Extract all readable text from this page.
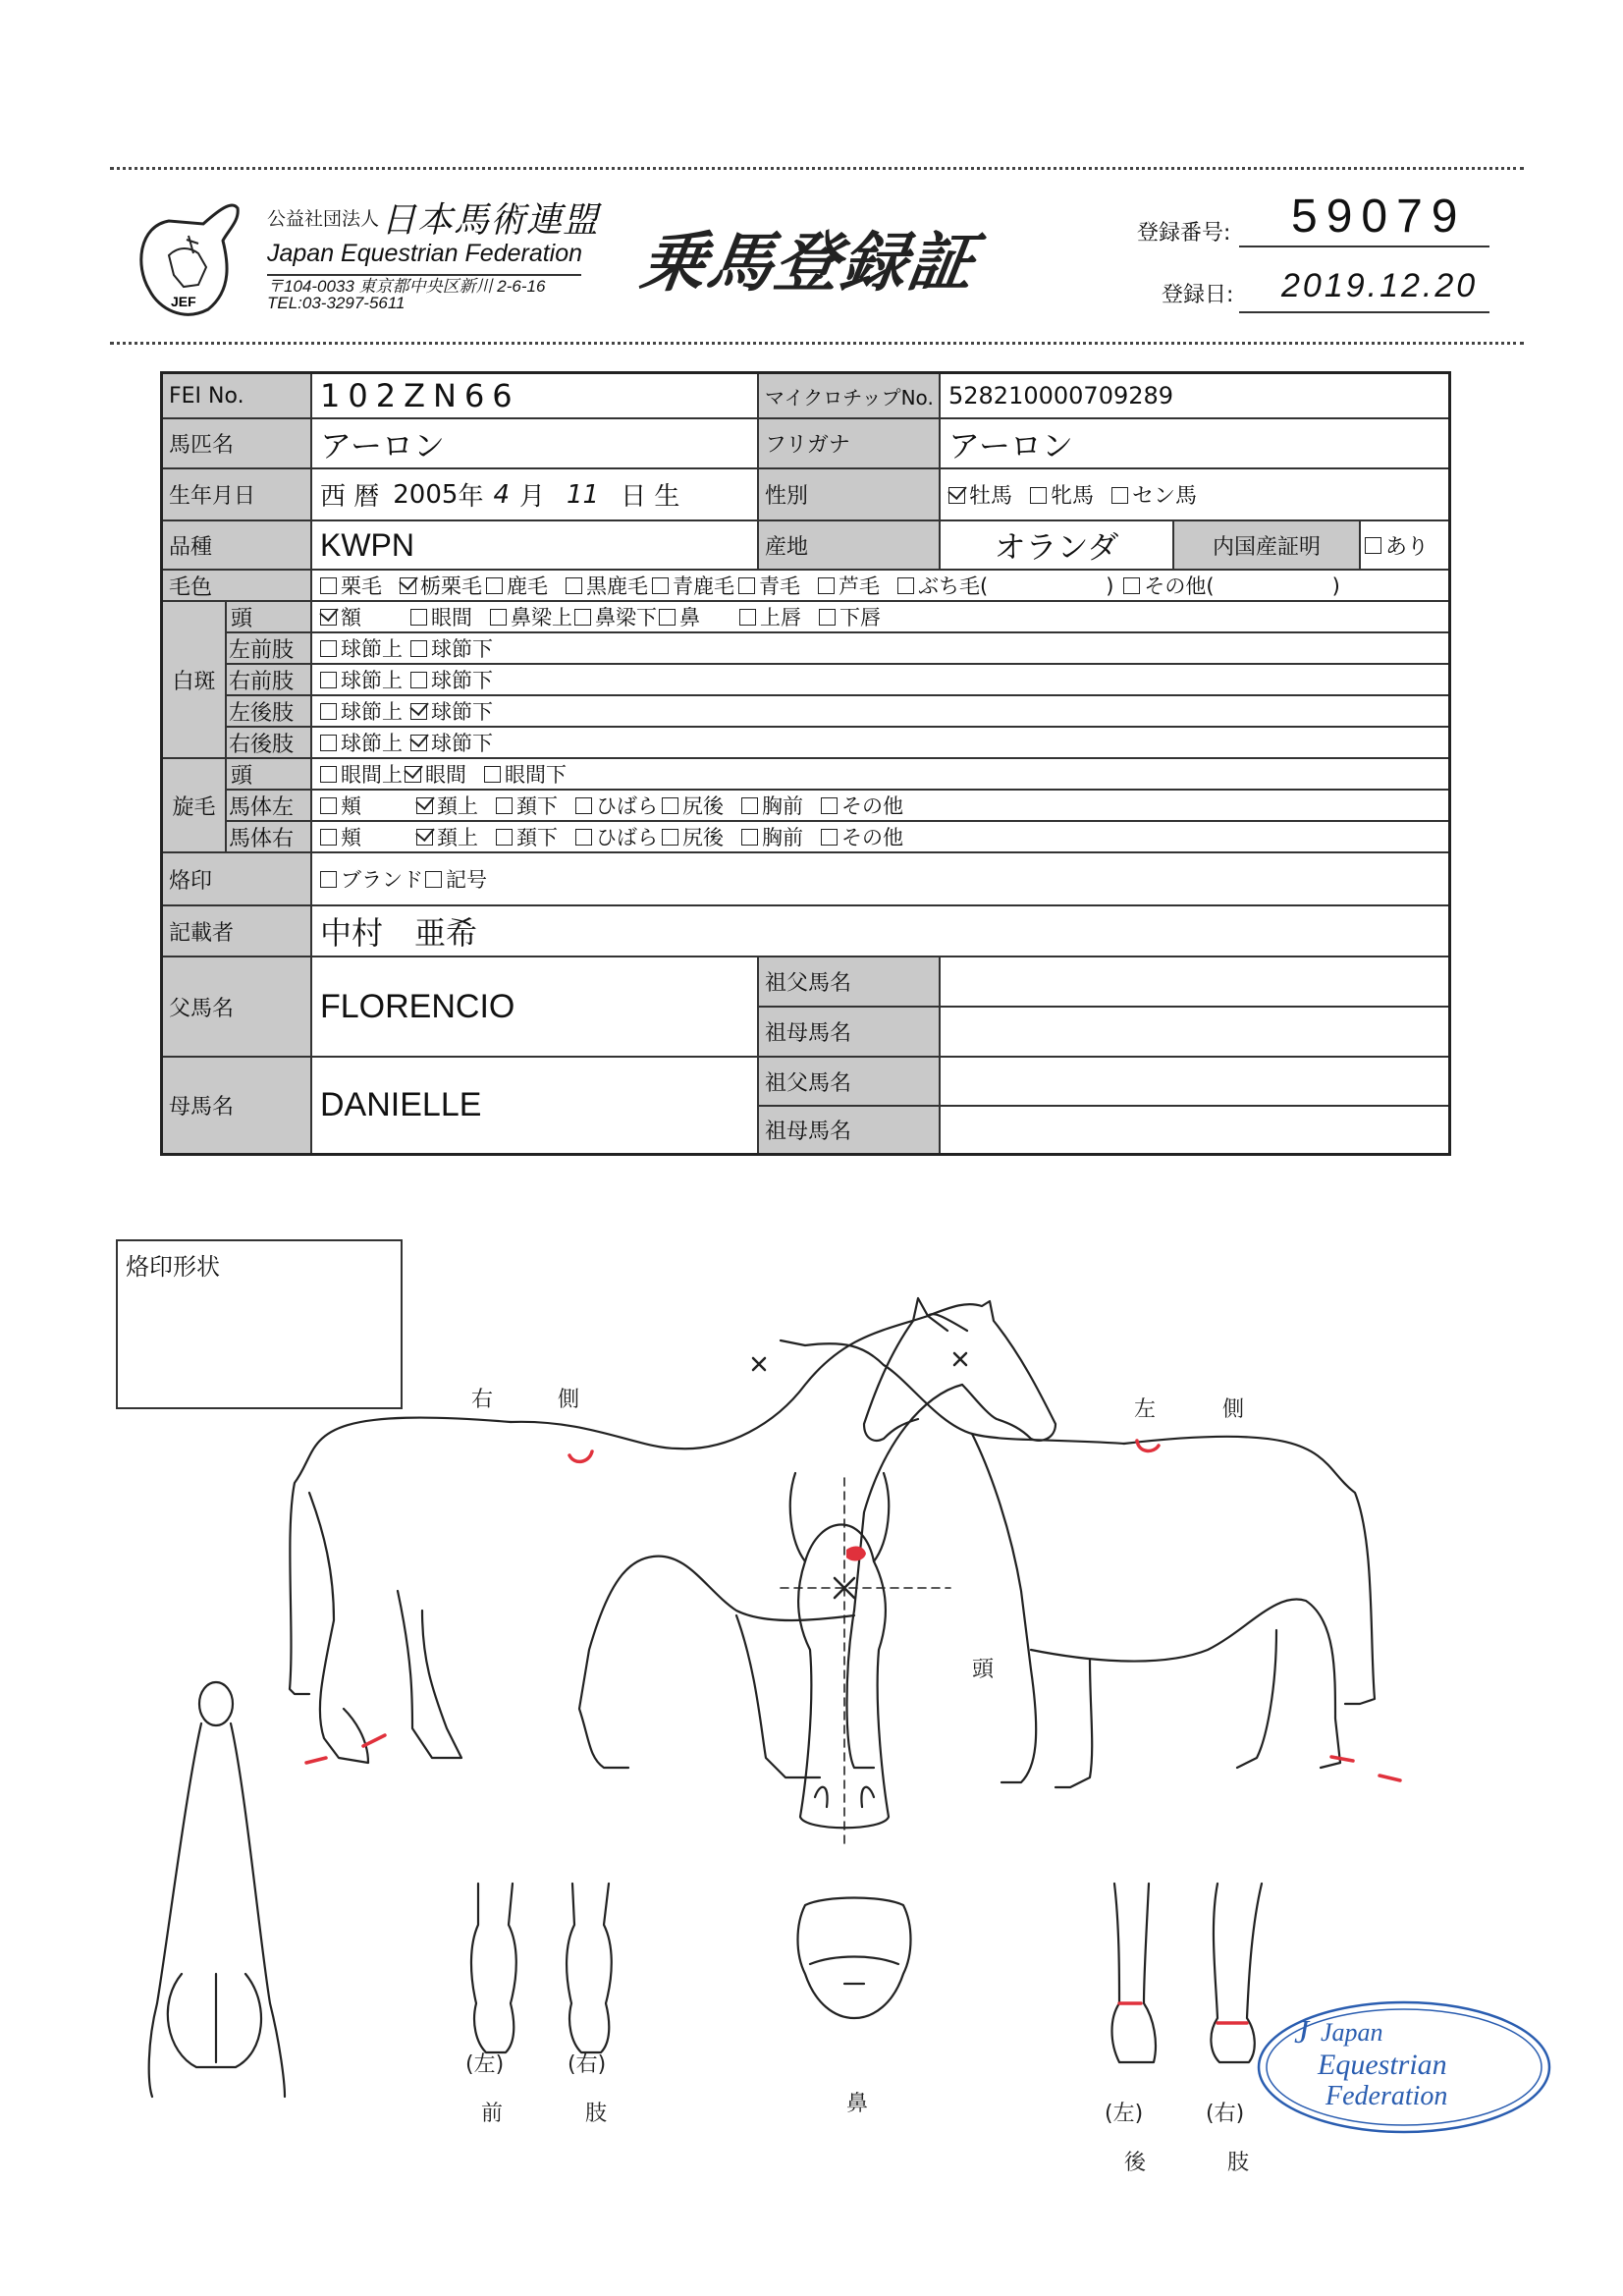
JEF
公益社団法人 日本馬術連盟
Japan Equestrian Federation
〒104-0033 東京都中央区新川 2-6-16
TEL:03-3297-5611
乗馬登録証	登録番号: 59079
登録日: 2019.12.20
FEI No.	102ZN66	マイクロチップNo. 528210000709289
馬匹名	アーロン	フリガナ	アーロン
生年月日	西 暦 2005 年 4 月 11 日 生	性別	牡馬	牝馬	セン馬
品種	KWPN	産地	オランダ	内国産証明	あり
毛色	栗毛	栃栗毛	鹿毛	黒鹿毛	青鹿毛	青毛	芦毛	ぶち毛(	)	その他(	)
白斑
頭	額	眼間	鼻梁上	鼻梁下	鼻	上唇	下唇
左前肢	球節上	球節下
右前肢	球節上	球節下
左後肢	球節上	球節下
右後肢	球節上	球節下
旋毛
頭	眼間上	眼間	眼間下
馬体左	頬	頚上	頚下	ひばら	尻後	胸前	その他
馬体右	頬	頚上	頚下	ひばら	尻後	胸前	その他
烙印	ブランド	記号
記載者	中村　亜希
父馬名	FLORENCIO
祖父馬名
祖母馬名
母馬名	DANIELLE
祖父馬名
祖母馬名
烙印形状
右	側	左	側
頭
鼻
(左)	(右)
前	肢	(左)	(右)
後	肢
J Japan
Equestrian
Federation
